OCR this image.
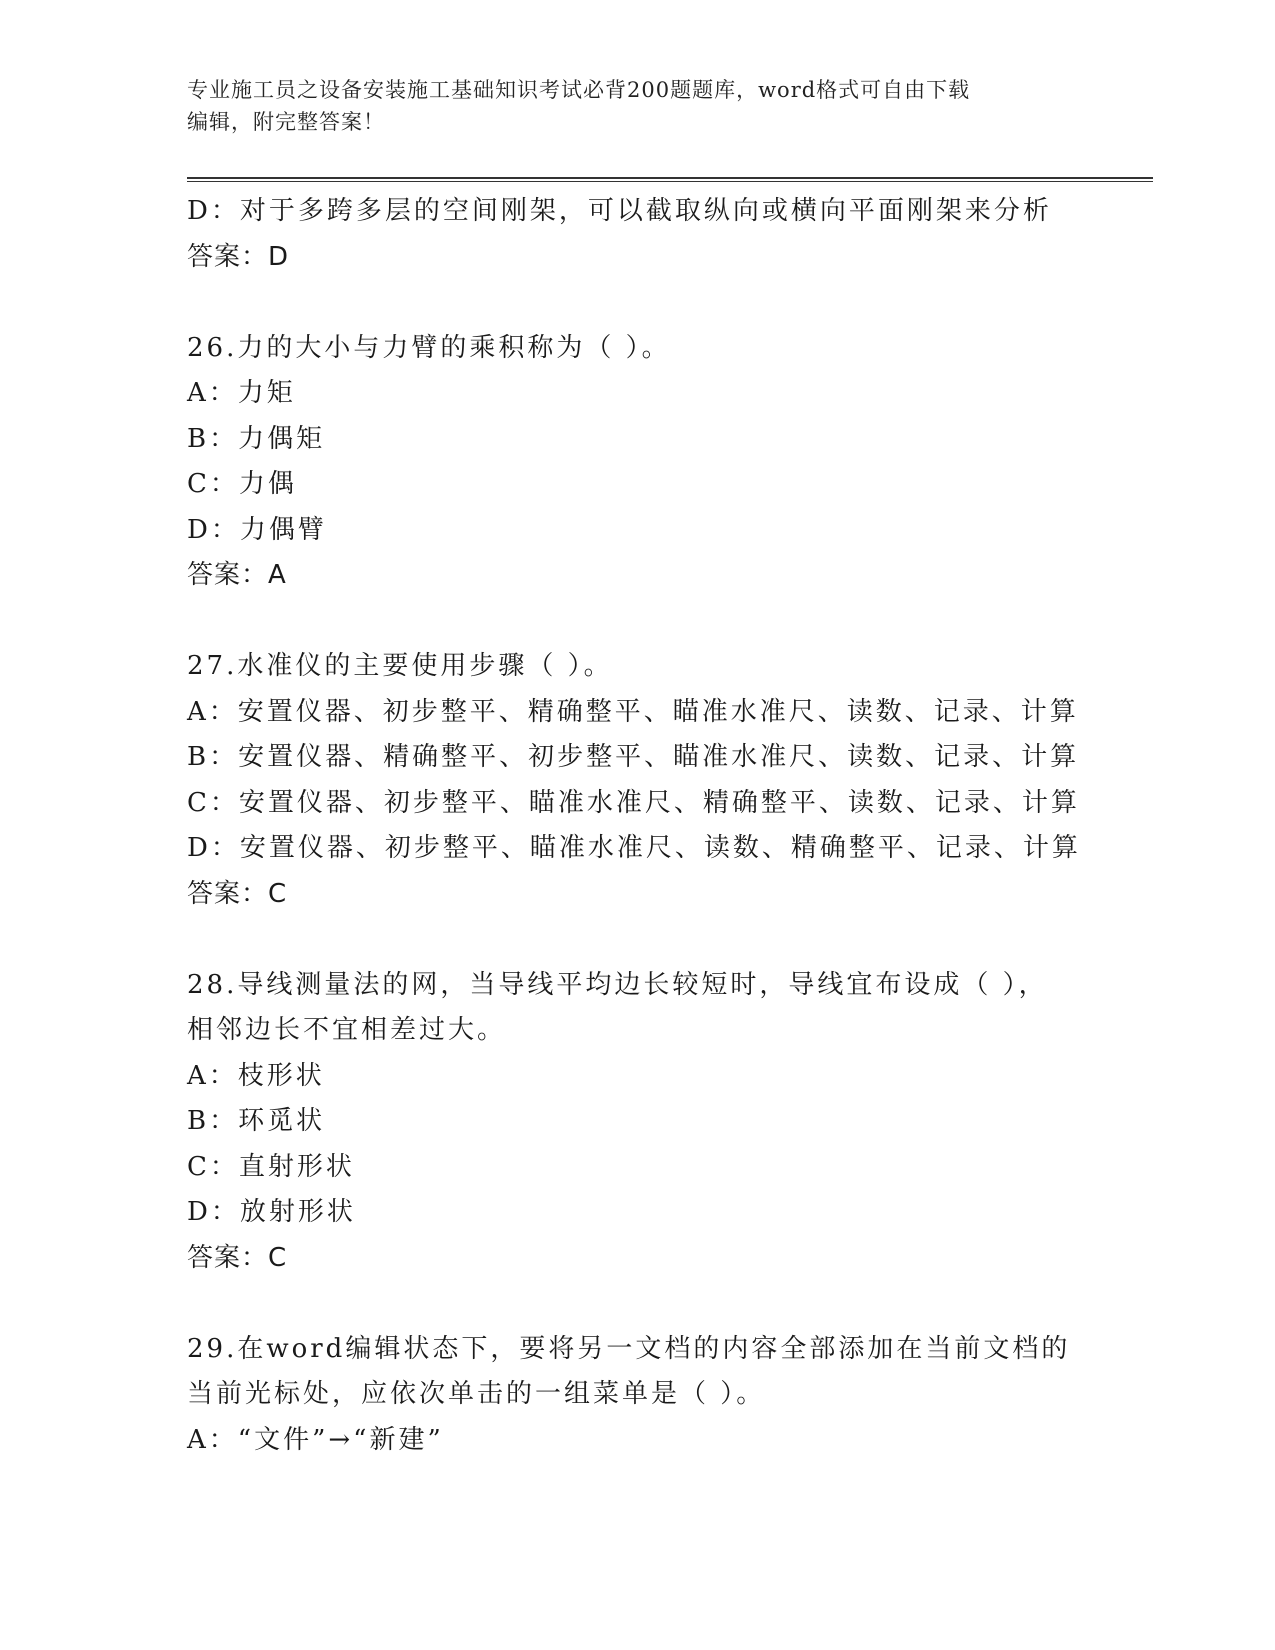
专业施工员之设备安装施工基础知识考试必背200题题库，word格式可自由下载
编辑，附完整答案！
D：对于多跨多层的空间刚架，可以截取纵向或横向平面刚架来分析
答案：D
26.力的大小与力臂的乘积称为（ ）。
A：力矩
B：力偶矩
C：力偶
D：力偶臂
答案：A
27.水准仪的主要使用步骤（ ）。
A：安置仪器、初步整平、精确整平、瞄准水准尺、读数、记录、计算
B：安置仪器、精确整平、初步整平、瞄准水准尺、读数、记录、计算
C：安置仪器、初步整平、瞄准水准尺、精确整平、读数、记录、计算
D：安置仪器、初步整平、瞄准水准尺、读数、精确整平、记录、计算
答案：C
28.导线测量法的网，当导线平均边长较短时，导线宜布设成（ ），
相邻边长不宜相差过大。
A：枝形状
B：环觅状
C：直射形状
D：放射形状
答案：C
29.在word编辑状态下，要将另一文档的内容全部添加在当前文档的
当前光标处，应依次单击的一组菜单是（ ）。
A：“文件”→“新建”
